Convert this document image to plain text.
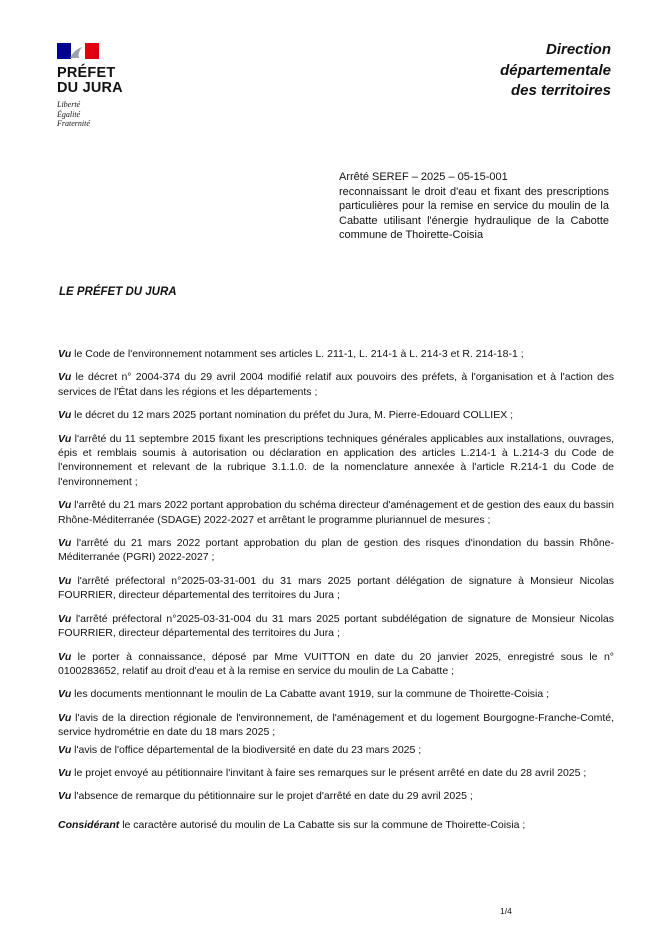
PRÉFET
DU JURA
Liberté
Égalité
Fraternité
Direction
départementale
des territoires

Arrêté SEREF – 2025 – 05-15-001

reconnaissant le droit d'eau et fixant des prescriptions particulières pour la remise en service du moulin de la Cabatte utilisant l'énergie hydraulique de la Cabotte commune de Thoirette-Coisia

LE PRÉFET DU JURA

Vu le Code de l'environnement notamment ses articles L. 211-1, L. 214-1 à L. 214-3 et R. 214-18-1 ;

Vu le décret n° 2004-374 du 29 avril 2004 modifié relatif aux pouvoirs des préfets, à l'organisation et à l'action des services de l'État dans les régions et les départements ;

Vu le décret du 12 mars 2025 portant nomination du préfet du Jura, M. Pierre-Edouard COLLIEX ;

Vu l'arrêté du 11 septembre 2015 fixant les prescriptions techniques générales applicables aux installations, ouvrages, épis et remblais soumis à autorisation ou déclaration en application des articles L.214-1 à L.214-3 du Code de l'environnement et relevant de la rubrique 3.1.1.0. de la nomenclature annexée à l'article R.214-1 du Code de l'environnement ;

Vu l'arrêté du 21 mars 2022 portant approbation du schéma directeur d'aménagement et de gestion des eaux du bassin Rhône-Méditerranée (SDAGE) 2022-2027 et arrêtant le programme pluriannuel de mesures ;

Vu l'arrêté du 21 mars 2022 portant approbation du plan de gestion des risques d'inondation du bassin Rhône-Méditerranée (PGRI) 2022-2027 ;

Vu l'arrêté préfectoral n°2025-03-31-001 du 31 mars 2025 portant délégation de signature à Monsieur Nicolas FOURRIER, directeur départemental des territoires du Jura ;

Vu l'arrêté préfectoral n°2025-03-31-004 du 31 mars 2025 portant subdélégation de signature de Monsieur Nicolas FOURRIER, directeur départemental des territoires du Jura ;

Vu le porter à connaissance, déposé par Mme VUITTON en date du 20 janvier 2025, enregistré sous le n° 0100283652, relatif au droit d'eau et à la remise en service du moulin de La Cabatte ;

Vu les documents mentionnant le moulin de La Cabatte avant 1919, sur la commune de Thoirette-Coisia ;

Vu l'avis de la direction régionale de l'environnement, de l'aménagement et du logement Bourgogne-Franche-Comté, service hydrométrie en date du 18 mars 2025 ;

Vu l'avis de l'office départemental de la biodiversité en date du 23 mars 2025 ;

Vu le projet envoyé au pétitionnaire l'invitant à faire ses remarques sur le présent arrêté en date du 28 avril 2025 ;

Vu l'absence de remarque du pétitionnaire sur le projet d'arrêté en date du 29 avril 2025 ;

Considérant le caractère autorisé du moulin de La Cabatte sis sur la commune de Thoirette-Coisia ;

1/4
